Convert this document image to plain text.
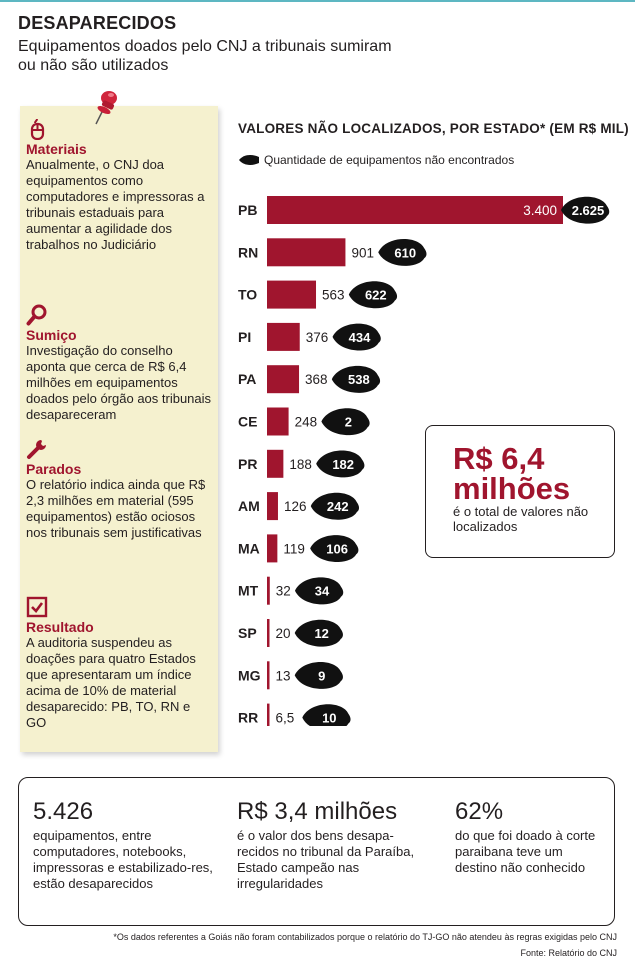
DESAPARECIDOS
Equipamentos doados pelo CNJ a tribunais sumiram ou não são utilizados
Materiais
Anualmente, o CNJ doa equipamentos como computadores e impressoras a tribunais estaduais para aumentar a agilidade dos trabalhos no Judiciário
Sumiço
Investigação do conselho aponta que cerca de R$ 6,4 milhões em equipamentos doados pelo órgão aos tribunais desapareceram
Parados
O relatório indica ainda que R$ 2,3 milhões em material (595 equipamentos) estão ociosos nos tribunais sem justificativas
Resultado
A auditoria suspendeu as doações para quatro Estados que apresentaram um índice acima de 10% de material desaparecido: PB, TO, RN e GO
VALORES NÃO LOCALIZADOS, POR ESTADO* (EM R$ MIL)
Quantidade de equipamentos não encontrados
PB	3.400 2.625
RN	901 610
TO	563 622
PI	376 434
PA	368 538
CE	248 2
PR 188 182
AM 126 242
MA 119 106
MT 32 34
SP 20 12
MG 13 9
RR 6,5 10
R$ 6,4 milhões
é o total de valores não localizados
5.426
equipamentos, entre computadores, notebooks, impressoras e estabilizado-res, estão desaparecidos
R$ 3,4 milhões
é o valor dos bens desapa-recidos no tribunal da Paraíba, Estado campeão nas irregularidades
62%
do que foi doado à corte paraibana teve um destino não conhecido
*Os dados referentes a Goiás não foram contabilizados porque o relatório do TJ-GO não atendeu às regras exigidas pelo CNJ
Fonte: Relatório do CNJ
